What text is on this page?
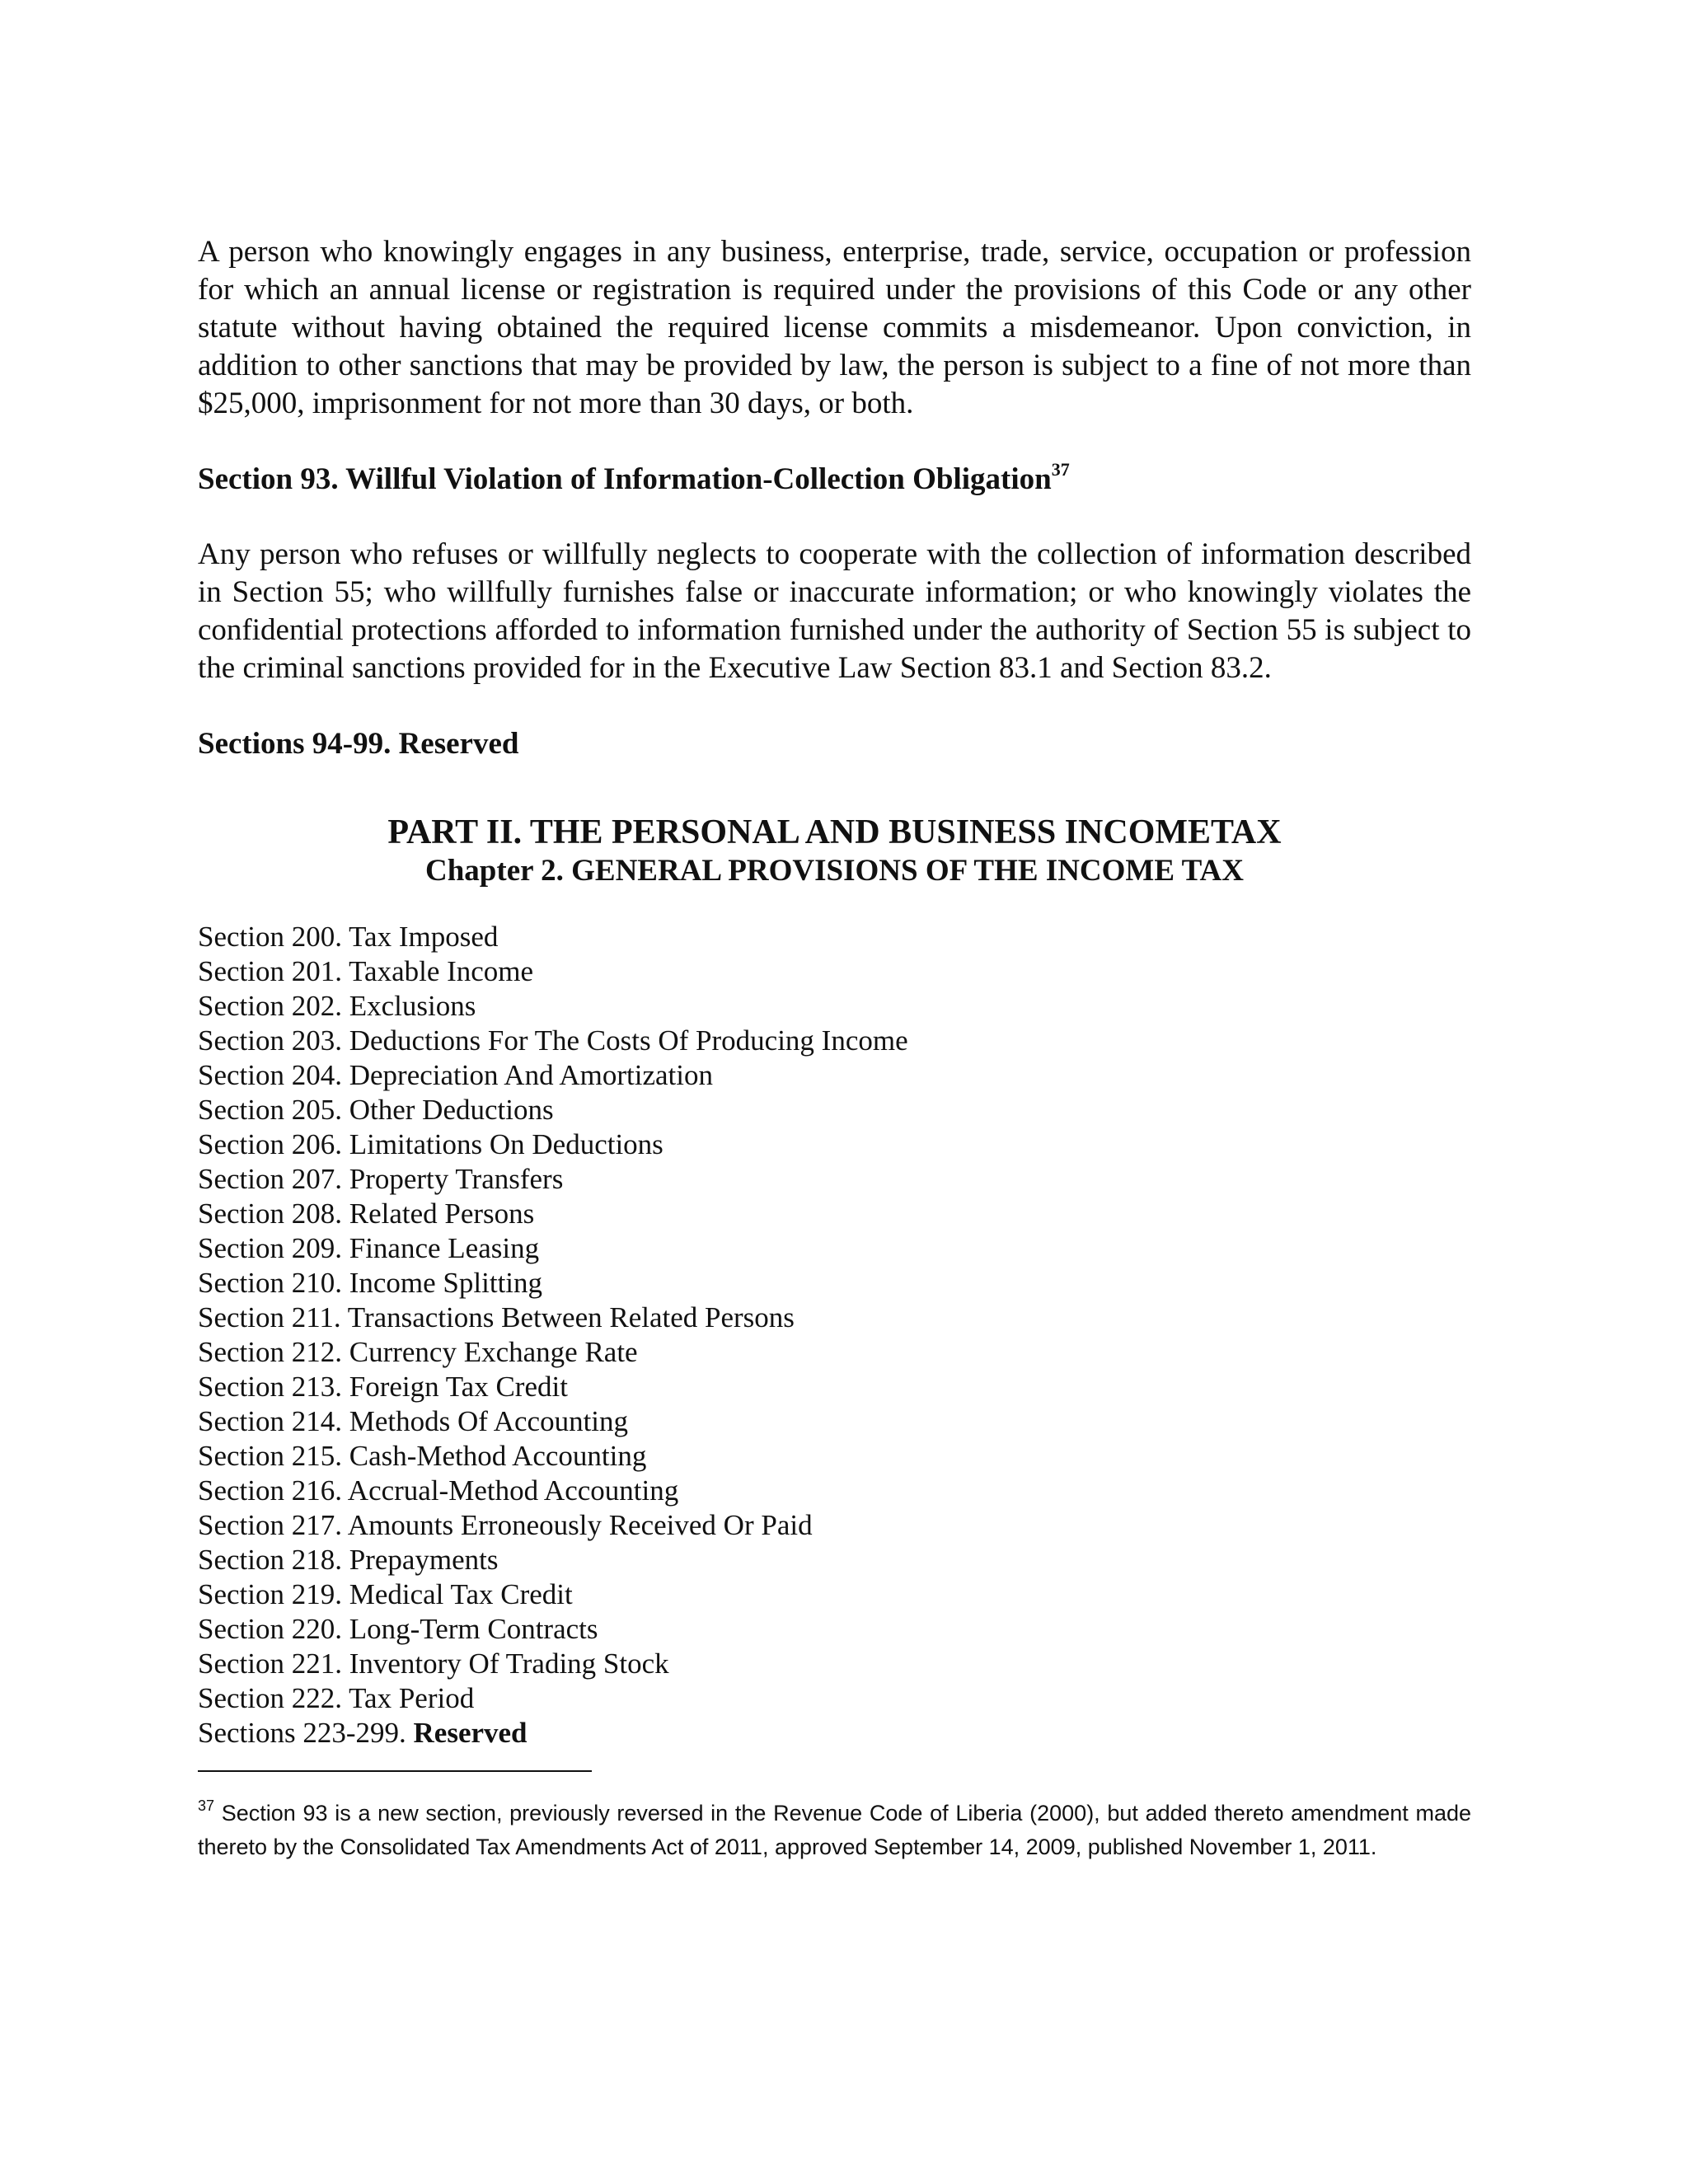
A person who knowingly engages in any business, enterprise, trade, service, occupation or profession for which an annual license or registration is required under the provisions of this Code or any other statute without having obtained the required license commits a misdemeanor. Upon conviction, in addition to other sanctions that may be provided by law, the person is subject to a fine of not more than $25,000, imprisonment for not more than 30 days, or both.

Section 93. Willful Violation of Information-Collection Obligation$^{37}$

Any person who refuses or willfully neglects to cooperate with the collection of information described in Section 55; who willfully furnishes false or inaccurate information; or who knowingly violates the confidential protections afforded to information furnished under the authority of Section 55 is subject to the criminal sanctions provided for in the Executive Law Section 83.1 and Section 83.2.

Sections 94-99. Reserved

PART II. THE PERSONAL AND BUSINESS INCOMETAX

Chapter 2. GENERAL PROVISIONS OF THE INCOME TAX

Section 200. Tax Imposed
Section 201. Taxable Income
Section 202. Exclusions
Section 203. Deductions For The Costs Of Producing Income
Section 204. Depreciation And Amortization
Section 205. Other Deductions
Section 206. Limitations On Deductions
Section 207. Property Transfers
Section 208. Related Persons
Section 209. Finance Leasing
Section 210. Income Splitting
Section 211. Transactions Between Related Persons
Section 212. Currency Exchange Rate
Section 213. Foreign Tax Credit
Section 214. Methods Of Accounting
Section 215. Cash-Method Accounting
Section 216. Accrual-Method Accounting
Section 217. Amounts Erroneously Received Or Paid
Section 218. Prepayments
Section 219. Medical Tax Credit
Section 220. Long-Term Contracts
Section 221. Inventory Of Trading Stock
Section 222. Tax Period
Sections 223-299. Reserved

$^{37}$ Section 93 is a new section, previously reversed in the Revenue Code of Liberia (2000), but added thereto amendment made thereto by the Consolidated Tax Amendments Act of 2011, approved September 14, 2009, published November 1, 2011.
